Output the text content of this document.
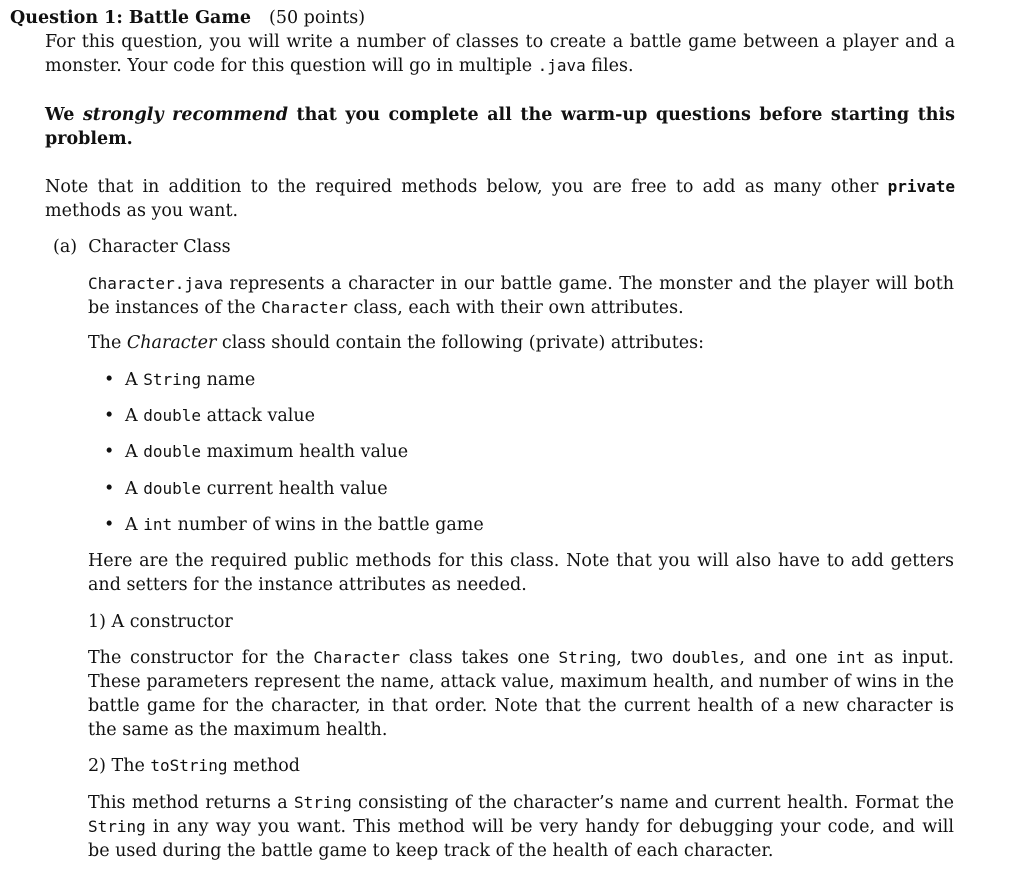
Question 1: Battle Game (50 points)

For this question, you will write a number of classes to create a battle game between a player and a monster. Your code for this question will go in multiple .java files.

We strongly recommend that you complete all the warm-up questions before starting this problem.

Note that in addition to the required methods below, you are free to add as many other private methods as you want.

(a) Character Class

Character.java represents a character in our battle game. The monster and the player will both be instances of the Character class, each with their own attributes.

The Character class should contain the following (private) attributes:

• A String name
• A double attack value
• A double maximum health value
• A double current health value
• A int number of wins in the battle game

Here are the required public methods for this class. Note that you will also have to add getters and setters for the instance attributes as needed.

1) A constructor

The constructor for the Character class takes one String, two doubles, and one int as input. These parameters represent the name, attack value, maximum health, and number of wins in the battle game for the character, in that order. Note that the current health of a new character is the same as the maximum health.

2) The toString method

This method returns a String consisting of the character’s name and current health. Format the String in any way you want. This method will be very handy for debugging your code, and will be used during the battle game to keep track of the health of each character.
